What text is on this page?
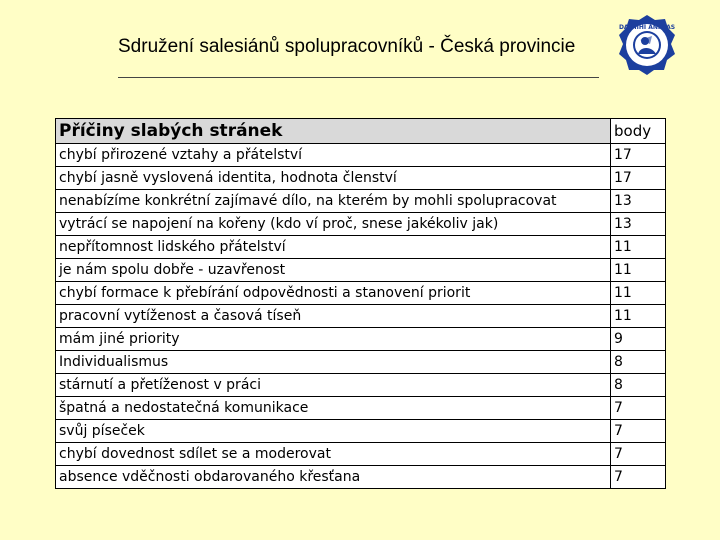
Sdružení salesiánů spolupracovníků - Česká provincie
DA MIHI ANIMAS
Příčiny slabých stránek	body
chybí přirozené vztahy a přátelství	17
chybí jasně vyslovená identita, hodnota členství	17
nenabízíme konkrétní zajímavé dílo, na kterém by mohli spolupracovat	13
vytrácí se napojení na kořeny (kdo ví proč, snese jakékoliv jak)	13
nepřítomnost lidského přátelství	11
je nám spolu dobře - uzavřenost	11
chybí formace k přebírání odpovědnosti a stanovení priorit	11
pracovní vytíženost a časová tíseň	11
mám jiné priority	9
Individualismus	8
stárnutí a přetíženost v práci	8
špatná a nedostatečná komunikace	7
svůj píseček	7
chybí dovednost sdílet se a moderovat	7
absence vděčnosti obdarovaného křesťana	7
